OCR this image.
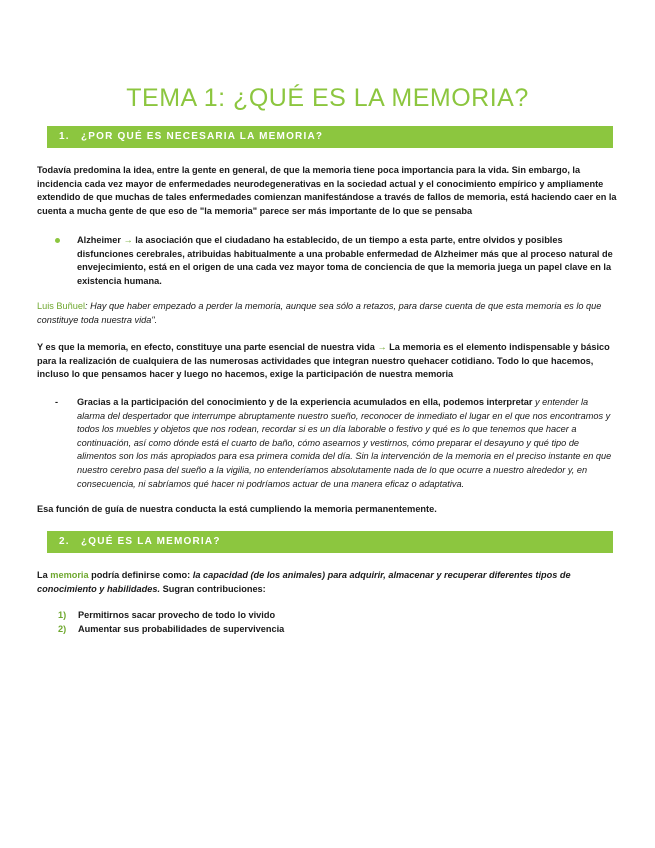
TEMA 1: ¿QUÉ ES LA MEMORIA?
1. ¿POR QUÉ ES NECESARIA LA MEMORIA?
Todavía predomina la idea, entre la gente en general, de que la memoria tiene poca importancia para la vida. Sin embargo, la incidencia cada vez mayor de enfermedades neurodegenerativas en la sociedad actual y el conocimiento empírico y ampliamente extendido de que muchas de tales enfermedades comienzan manifestándose a través de fallos de memoria, está haciendo caer en la cuenta a mucha gente de que eso de "la memoria" parece ser más importante de lo que se pensaba
Alzheimer → la asociación que el ciudadano ha establecido, de un tiempo a esta parte, entre olvidos y posibles disfunciones cerebrales, atribuidas habitualmente a una probable enfermedad de Alzheimer más que al proceso natural de envejecimiento, está en el origen de una cada vez mayor toma de conciencia de que la memoria juega un papel clave en la existencia humana.
Luis Buñuel: Hay que haber empezado a perder la memoria, aunque sea sólo a retazos, para darse cuenta de que esta memoria es lo que constituye toda nuestra vida".
Y es que la memoria, en efecto, constituye una parte esencial de nuestra vida → La memoria es el elemento indispensable y básico para la realización de cualquiera de las numerosas actividades que integran nuestro quehacer cotidiano. Todo lo que hacemos, incluso lo que pensamos hacer y luego no hacemos, exige la participación de nuestra memoria
- Gracias a la participación del conocimiento y de la experiencia acumulados en ella, podemos interpretar y entender la alarma del despertador que interrumpe abruptamente nuestro sueño, reconocer de inmediato el lugar en el que nos encontramos y todos los muebles y objetos que nos rodean, recordar si es un día laborable o festivo y qué es lo que tenemos que hacer a continuación, así como dónde está el cuarto de baño, cómo asearnos y vestirnos, cómo preparar el desayuno y qué tipo de alimentos son los más apropiados para esa primera comida del día. Sin la intervención de la memoria en el preciso instante en que nuestro cerebro pasa del sueño a la vigilia, no entenderíamos absolutamente nada de lo que ocurre a nuestro alrededor y, en consecuencia, ni sabríamos qué hacer ni podríamos actuar de una manera eficaz o adaptativa.
Esa función de guía de nuestra conducta la está cumpliendo la memoria permanentemente.
2. ¿QUÉ ES LA MEMORIA?
La memoria podría definirse como: la capacidad (de los animales) para adquirir, almacenar y recuperar diferentes tipos de conocimiento y habilidades. Sugran contribuciones:
1) Permitirnos sacar provecho de todo lo vivido
2) Aumentar sus probabilidades de supervivencia
